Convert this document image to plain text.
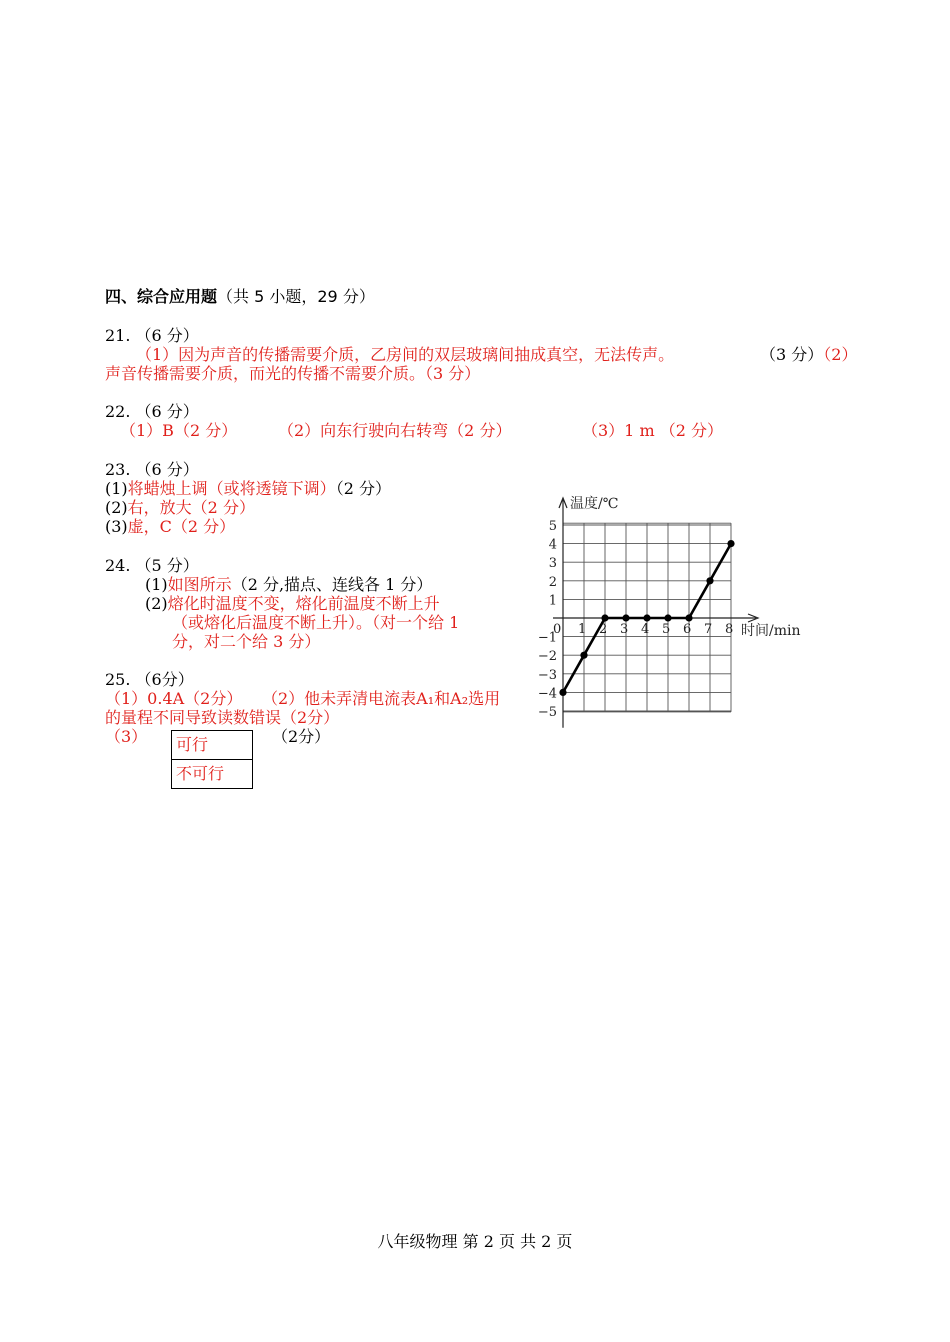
四、综合应用题（共 5 小题，29 分）
21. （6 分）
（1）因为声音的传播需要介质，乙房间的双层玻璃间抽成真空，无法传声。	（3 分）（2）
声音传播需要介质，而光的传播不需要介质。（3 分）
22. （6 分）
（1）B（2 分）	（2）向东行驶向右转弯（2 分）	（3）1 m （2 分）
23. （6 分）
(1)将蜡烛上调（或将透镜下调）（2 分）
(2)右，放大（2 分）
(3)虚，C（2 分）
24. （5 分）
(1)如图所示（2 分,描点、连线各 1 分）
(2)熔化时温度不变，熔化前温度不断上升
（或熔化后温度不断上升）。（对一个给 1
分，对二个给 3 分）
25. （6分）
（1）0.4A（2分） （2）他未弄清电流表A₁和A₂选用
的量程不同导致读数错误（2分）
（3）	（2分）
可行
不可行
0 1 2 3 4 5 6 7 8
5
4
3
2
1
−1
−2
−3
−4
−5
温度/℃
时间/min
八年级物理 第 2 页 共 2 页
